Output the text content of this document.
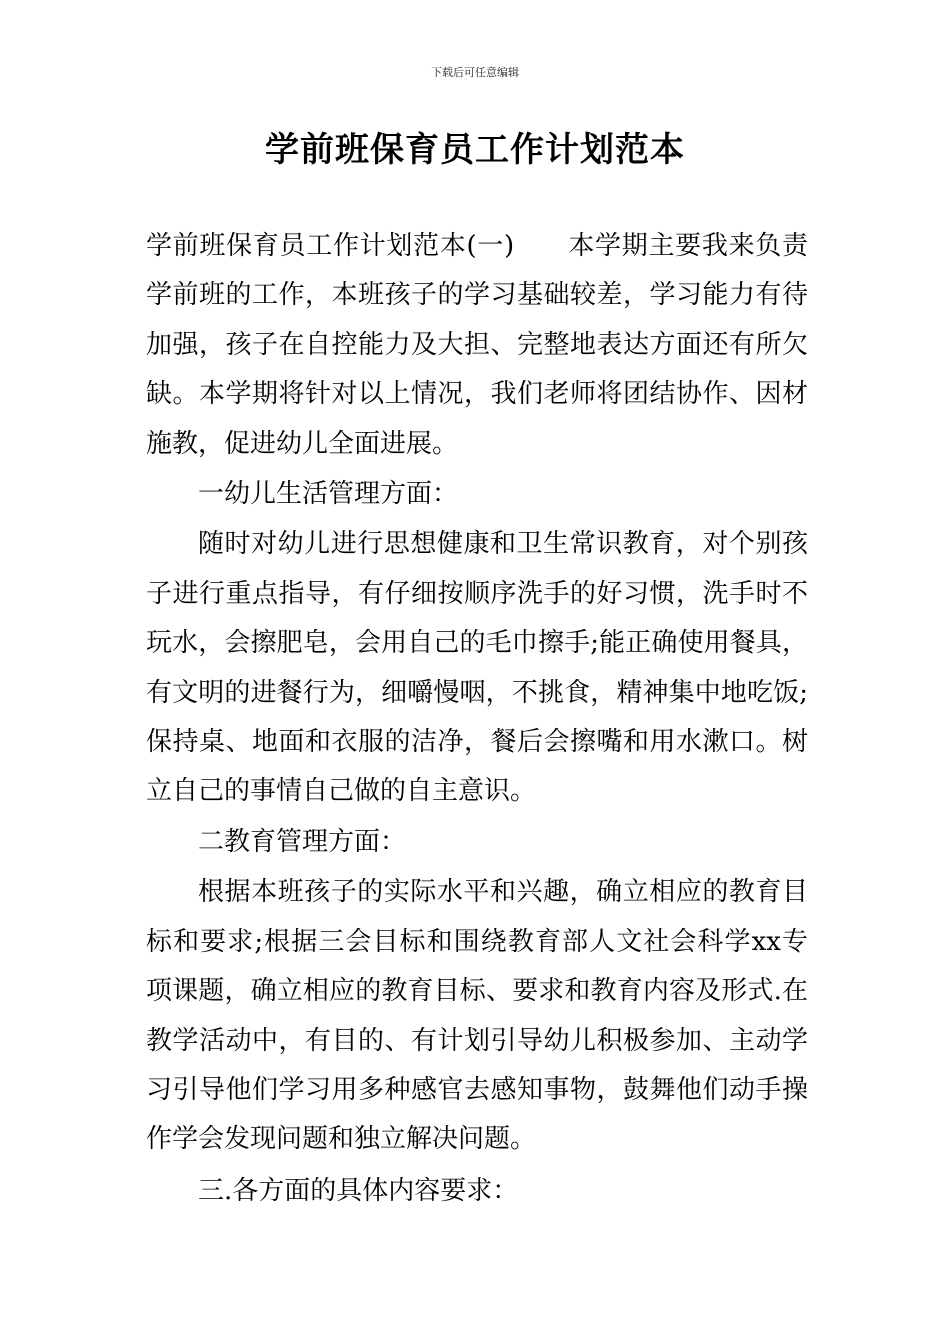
下载后可任意编辑
学前班保育员工作计划范本

学前班保育员工作计划范本(一)　　本学期主要我来负责学前班的工作，本班孩子的学习基础较差，学习能力有待加强，孩子在自控能力及大担、完整地表达方面还有所欠缺。本学期将针对以上情况，我们老师将团结协作、因材施教，促进幼儿全面进展。

一幼儿生活管理方面：

随时对幼儿进行思想健康和卫生常识教育，对个别孩子进行重点指导，有仔细按顺序洗手的好习惯，洗手时不玩水，会擦肥皂，会用自己的毛巾擦手;能正确使用餐具，有文明的进餐行为，细嚼慢咽，不挑食，精神集中地吃饭;保持桌、地面和衣服的洁净，餐后会擦嘴和用水漱口。树立自己的事情自己做的自主意识。

二教育管理方面：

根据本班孩子的实际水平和兴趣，确立相应的教育目标和要求;根据三会目标和围绕教育部人文社会科学xx专项课题，确立相应的教育目标、要求和教育内容及形式.在教学活动中，有目的、有计划引导幼儿积极参加、主动学习引导他们学习用多种感官去感知事物，鼓舞他们动手操作学会发现问题和独立解决问题。

三.各方面的具体内容要求：
